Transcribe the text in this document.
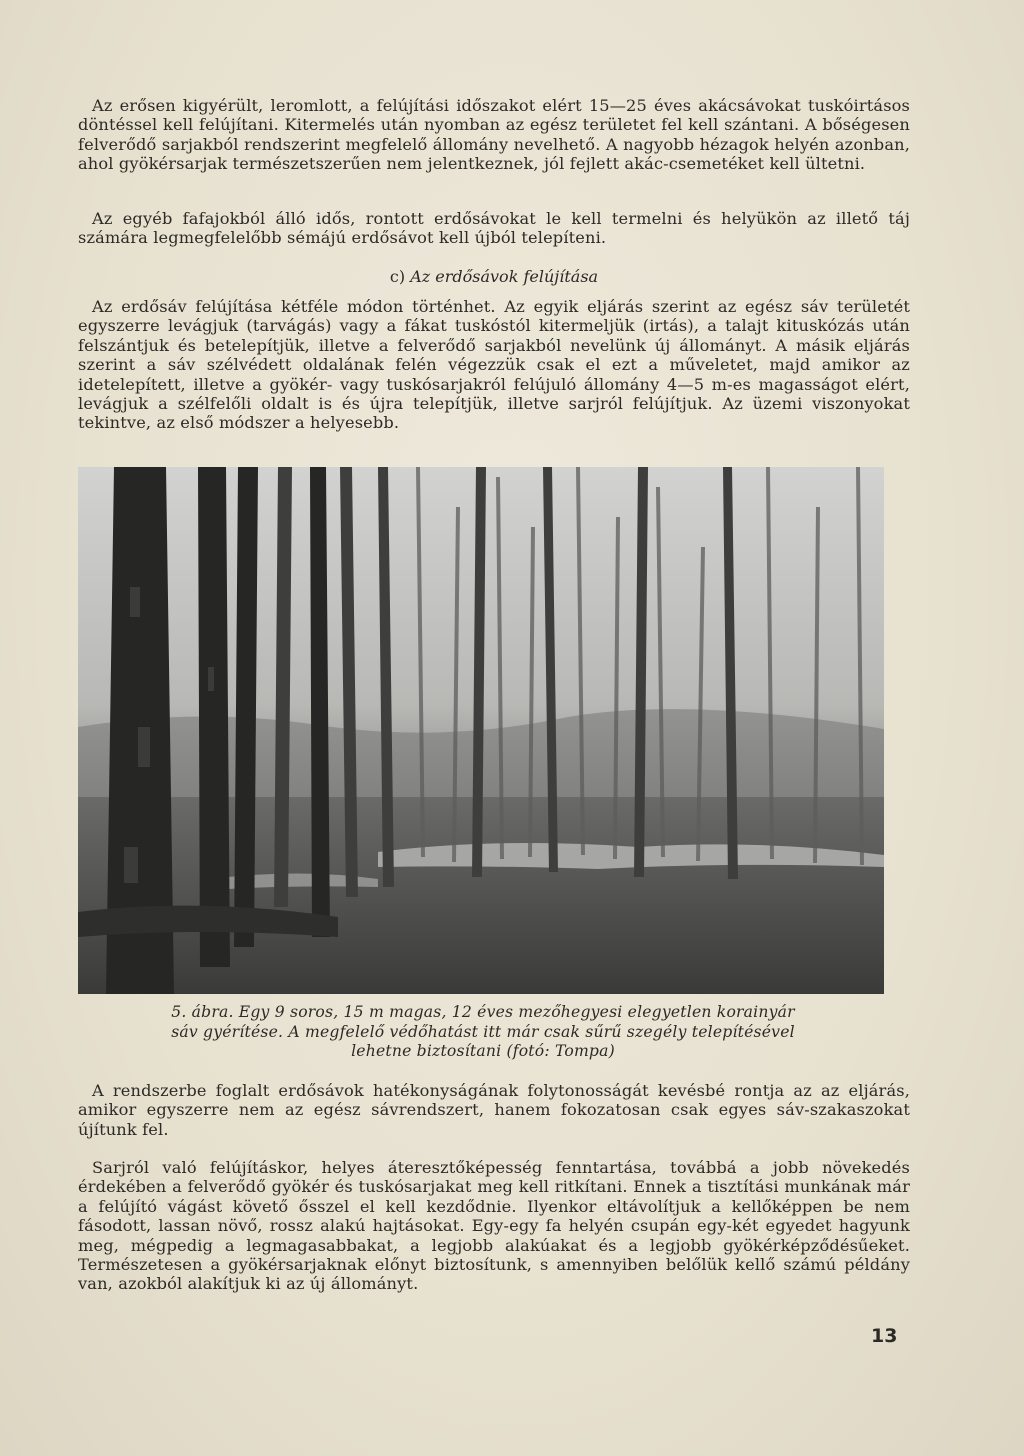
Az erősen kigyérült, leromlott, a felújítási időszakot elért 15—25 éves akácsávokat tuskóirtásos döntéssel kell felújítani. Kitermelés után nyomban az egész területet fel kell szántani. A bőségesen felverődő sarjakból rendszerint megfelelő állomány nevelhető. A nagyobb hézagok helyén azonban, ahol gyökérsarjak természetszerűen nem jelentkeznek, jól fejlett akác-csemetéket kell ültetni.

Az egyéb fafajokból álló idős, rontott erdősávokat le kell termelni és helyükön az illető táj számára legmegfelelőbb sémájú erdősávot kell újból telepíteni.

c) Az erdősávok felújítása

Az erdősáv felújítása kétféle módon történhet. Az egyik eljárás szerint az egész sáv területét egyszerre levágjuk (tarvágás) vagy a fákat tuskóstól kitermeljük (irtás), a talajt kituskózás után felszántjuk és betelepítjük, illetve a felverődő sarjakból nevelünk új állományt. A másik eljárás szerint a sáv szélvédett oldalának felén végezzük csak el ezt a műveletet, majd amikor az idetelepített, illetve a gyökér- vagy tuskósarjakról felújuló állomány 4—5 m-es magasságot elért, levágjuk a szélfelőli oldalt is és újra telepítjük, illetve sarjról felújítjuk. Az üzemi viszonyokat tekintve, az első módszer a helyesebb.

5. ábra. Egy 9 soros, 15 m magas, 12 éves mezőhegyesi elegyetlen korainyár
sáv gyérítése. A megfelelő védőhatást itt már csak sűrű szegély telepítésével
lehetne biztosítani (fotó: Tompa)

A rendszerbe foglalt erdősávok hatékonyságának folytonosságát kevésbé rontja az az eljárás, amikor egyszerre nem az egész sávrendszert, hanem fokozatosan csak egyes sáv-szakaszokat újítunk fel.

Sarjról való felújításkor, helyes áteresztőképesség fenntartása, továbbá a jobb növekedés érdekében a felverődő gyökér és tuskósarjakat meg kell ritkítani. Ennek a tisztítási munkának már a felújító vágást követő ősszel el kell kezdődnie. Ilyenkor eltávolítjuk a kellőképpen be nem fásodott, lassan növő, rossz alakú hajtásokat. Egy-egy fa helyén csupán egy-két egyedet hagyunk meg, mégpedig a legmagasabbakat, a legjobb alakúakat és a legjobb gyökérképződésűeket. Természetesen a gyökérsarjaknak előnyt biztosítunk, s amennyiben belőlük kellő számú példány van, azokból alakítjuk ki az új állományt.

13
